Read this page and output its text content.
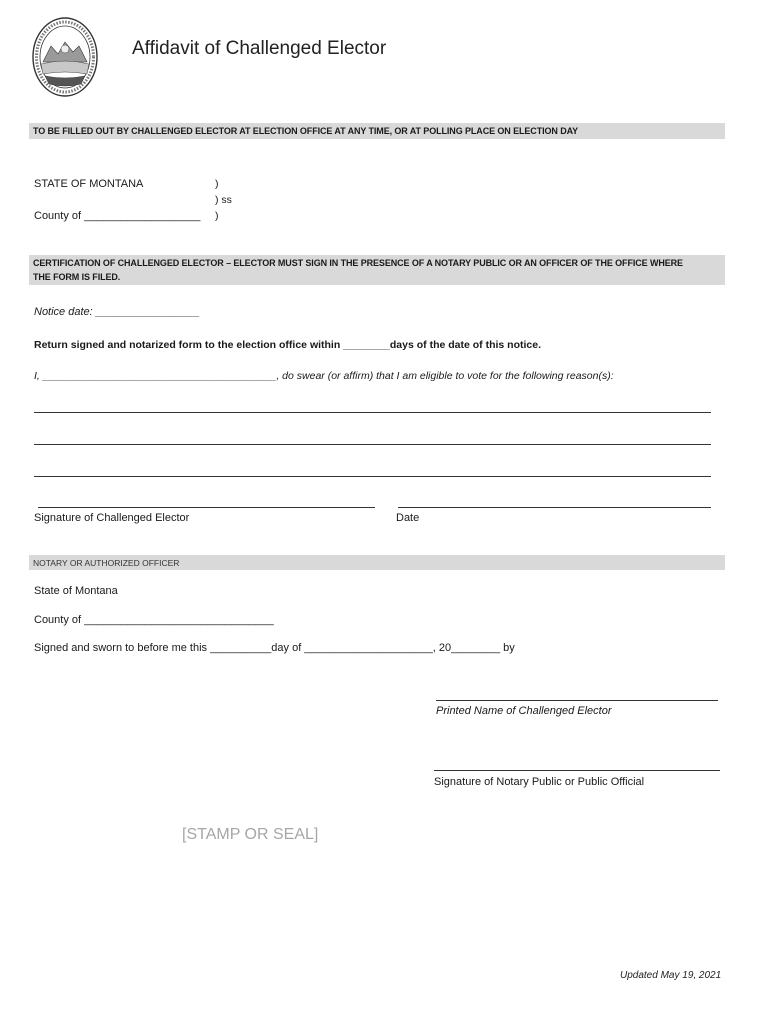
Affidavit of Challenged Elector
TO BE FILLED OUT BY CHALLENGED ELECTOR AT ELECTION OFFICE AT ANY TIME, OR AT POLLING PLACE ON ELECTION DAY
STATE OF MONTANA
County of ___________________
)
) ss
)
CERTIFICATION OF CHALLENGED ELECTOR – ELECTOR MUST SIGN IN THE PRESENCE OF A NOTARY PUBLIC OR AN OFFICER OF THE OFFICE WHERE
THE FORM IS FILED.
Notice date: _________________
Return signed and notarized form to the election office within ________days of the date of this notice.
I, ________________________________________, do swear (or affirm) that I am eligible to vote for the following reason(s):
Signature of Challenged Elector	Date
NOTARY OR AUTHORIZED OFFICER
State of Montana
County of _______________________________
Signed and sworn to before me this __________day of _____________________, 20________ by
Printed Name of Challenged Elector
Signature of Notary Public or Public Official
[STAMP OR SEAL]
Updated May 19, 2021
